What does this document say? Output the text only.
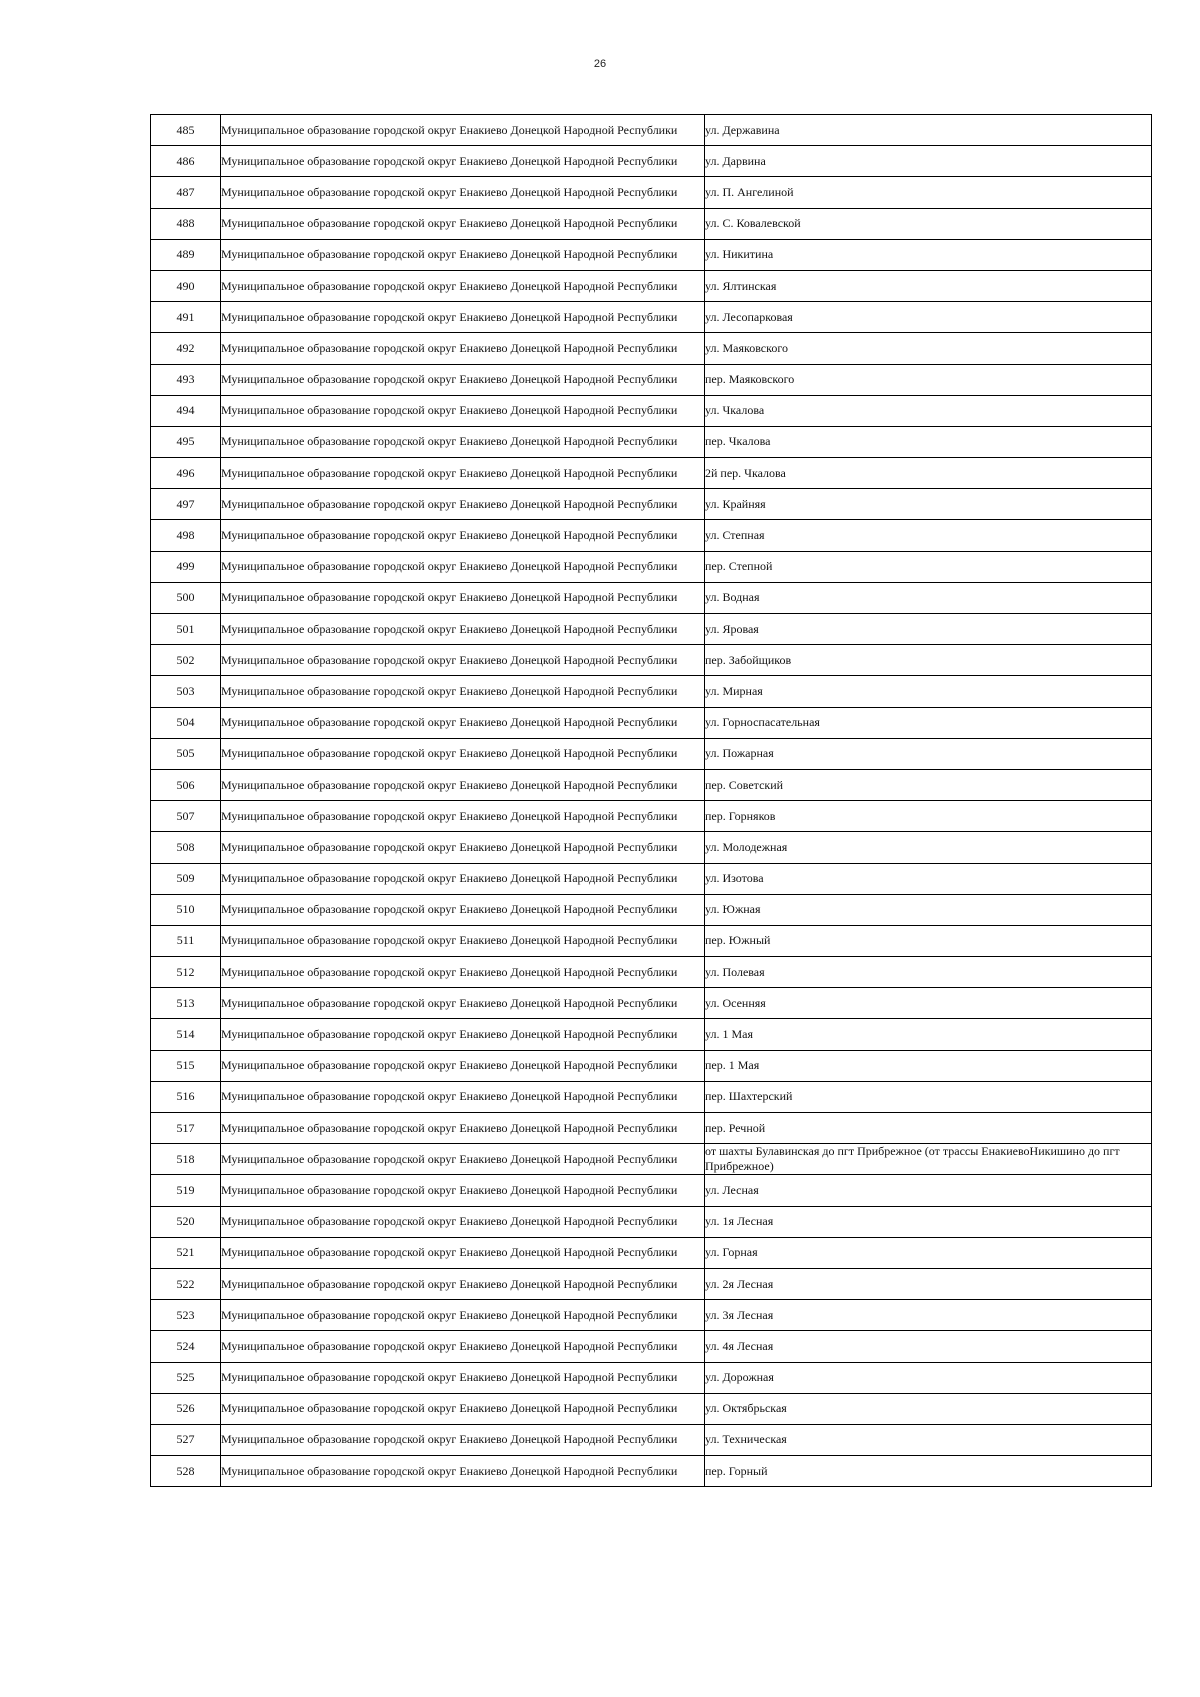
26
485	Муниципальное образование городской округ Енакиево Донецкой Народной Республики	ул. Державина
486	Муниципальное образование городской округ Енакиево Донецкой Народной Республики	ул. Дарвина
487	Муниципальное образование городской округ Енакиево Донецкой Народной Республики	ул. П. Ангелиной
488	Муниципальное образование городской округ Енакиево Донецкой Народной Республики	ул. С. Ковалевской
489	Муниципальное образование городской округ Енакиево Донецкой Народной Республики	ул. Никитина
490	Муниципальное образование городской округ Енакиево Донецкой Народной Республики	ул. Ялтинская
491	Муниципальное образование городской округ Енакиево Донецкой Народной Республики	ул. Лесопарковая
492	Муниципальное образование городской округ Енакиево Донецкой Народной Республики	ул. Маяковского
493	Муниципальное образование городской округ Енакиево Донецкой Народной Республики	пер. Маяковского
494	Муниципальное образование городской округ Енакиево Донецкой Народной Республики	ул. Чкалова
495	Муниципальное образование городской округ Енакиево Донецкой Народной Республики	пер. Чкалова
496	Муниципальное образование городской округ Енакиево Донецкой Народной Республики	2й пер. Чкалова
497	Муниципальное образование городской округ Енакиево Донецкой Народной Республики	ул. Крайняя
498	Муниципальное образование городской округ Енакиево Донецкой Народной Республики	ул. Степная
499	Муниципальное образование городской округ Енакиево Донецкой Народной Республики	пер. Степной
500	Муниципальное образование городской округ Енакиево Донецкой Народной Республики	ул. Водная
501	Муниципальное образование городской округ Енакиево Донецкой Народной Республики	ул. Яровая
502	Муниципальное образование городской округ Енакиево Донецкой Народной Республики	пер. Забойщиков
503	Муниципальное образование городской округ Енакиево Донецкой Народной Республики	ул. Мирная
504	Муниципальное образование городской округ Енакиево Донецкой Народной Республики	ул. Горноспасательная
505	Муниципальное образование городской округ Енакиево Донецкой Народной Республики	ул. Пожарная
506	Муниципальное образование городской округ Енакиево Донецкой Народной Республики	пер. Советский
507	Муниципальное образование городской округ Енакиево Донецкой Народной Республики	пер. Горняков
508	Муниципальное образование городской округ Енакиево Донецкой Народной Республики	ул. Молодежная
509	Муниципальное образование городской округ Енакиево Донецкой Народной Республики	ул. Изотова
510	Муниципальное образование городской округ Енакиево Донецкой Народной Республики	ул. Южная
511	Муниципальное образование городской округ Енакиево Донецкой Народной Республики	пер. Южный
512	Муниципальное образование городской округ Енакиево Донецкой Народной Республики	ул. Полевая
513	Муниципальное образование городской округ Енакиево Донецкой Народной Республики	ул. Осенняя
514	Муниципальное образование городской округ Енакиево Донецкой Народной Республики	ул. 1 Мая
515	Муниципальное образование городской округ Енакиево Донецкой Народной Республики	пер. 1 Мая
516	Муниципальное образование городской округ Енакиево Донецкой Народной Республики	пер. Шахтерский
517	Муниципальное образование городской округ Енакиево Донецкой Народной Республики	пер. Речной
518	Муниципальное образование городской округ Енакиево Донецкой Народной Республики	от шахты Булавинская до пгт Прибрежное (от трассы ЕнакиевоНикишино до пгт Прибрежное)
519	Муниципальное образование городской округ Енакиево Донецкой Народной Республики	ул. Лесная
520	Муниципальное образование городской округ Енакиево Донецкой Народной Республики	ул. 1я Лесная
521	Муниципальное образование городской округ Енакиево Донецкой Народной Республики	ул. Горная
522	Муниципальное образование городской округ Енакиево Донецкой Народной Республики	ул. 2я Лесная
523	Муниципальное образование городской округ Енакиево Донецкой Народной Республики	ул. 3я Лесная
524	Муниципальное образование городской округ Енакиево Донецкой Народной Республики	ул. 4я Лесная
525	Муниципальное образование городской округ Енакиево Донецкой Народной Республики	ул. Дорожная
526	Муниципальное образование городской округ Енакиево Донецкой Народной Республики	ул. Октябрьская
527	Муниципальное образование городской округ Енакиево Донецкой Народной Республики	ул. Техническая
528	Муниципальное образование городской округ Енакиево Донецкой Народной Республики	пер. Горный
